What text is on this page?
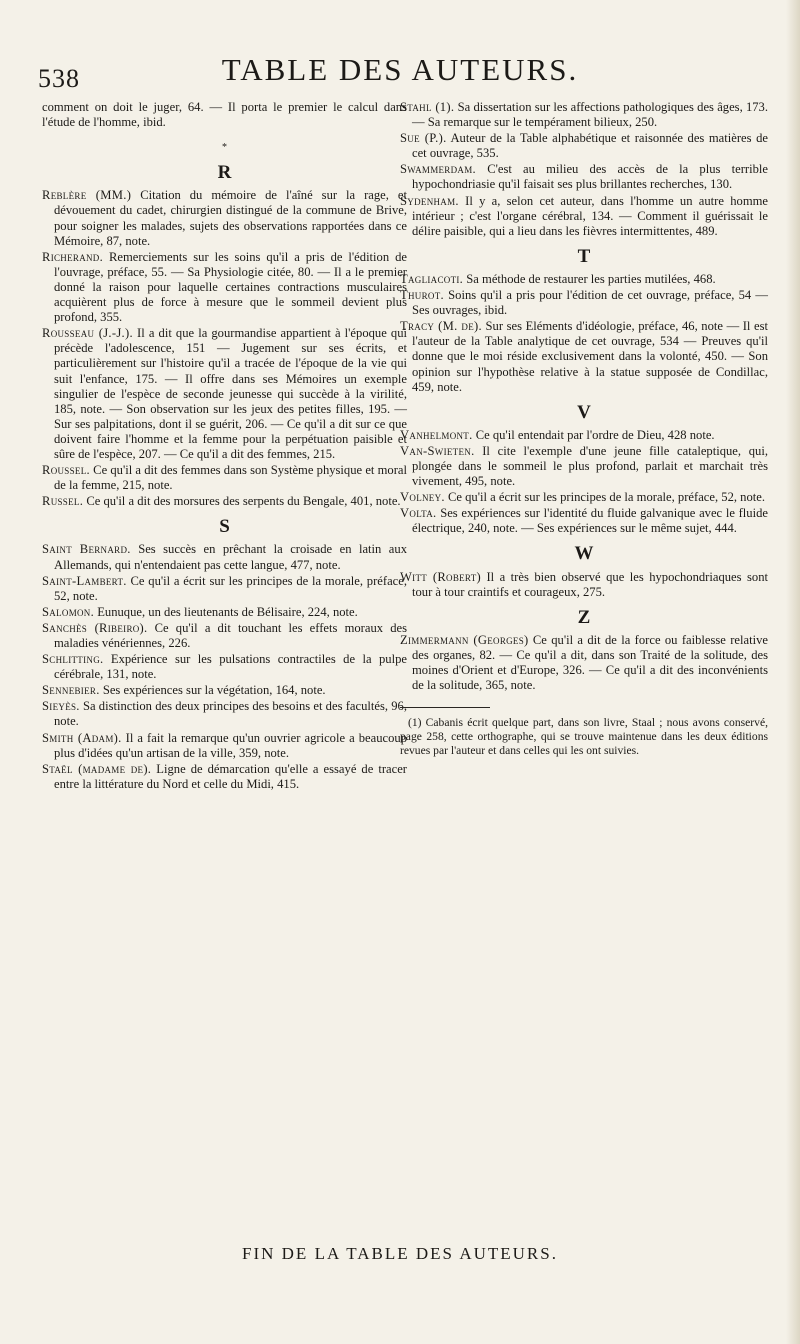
538	TABLE DES AUTEURS.

comment on doit le juger, 64. — Il porta le premier le calcul dans l'étude de l'homme, ibid.

*
R

Reblère (MM.) Citation du mémoire de l'aîné sur la rage, et dévouement du cadet, chirurgien distingué de la commune de Brive, pour soigner les malades, sujets des observations rapportées dans ce Mémoire, 87, note.

Richerand. Remerciements sur les soins qu'il a pris de l'édition de l'ouvrage, préface, 55. — Sa Physiologie citée, 80. — Il a le premier donné la raison pour laquelle certaines contractions musculaires acquièrent plus de force à mesure que le sommeil devient plus profond, 355.

Rousseau (J.-J.). Il a dit que la gourmandise appartient à l'époque qui précède l'adolescence, 151 — Jugement sur ses écrits, et particulièrement sur l'histoire qu'il a tracée de l'époque de la vie qui suit l'enfance, 175. — Il offre dans ses Mémoires un exemple singulier de l'espèce de seconde jeunesse qui succède à la virilité, 185, note. — Son observation sur les jeux des petites filles, 195. — Sur ses palpitations, dont il se guérit, 206. — Ce qu'il a dit sur ce que doivent faire l'homme et la femme pour la perpétuation paisible et sûre de l'espèce, 207. — Ce qu'il a dit des femmes, 215.

Roussel. Ce qu'il a dit des femmes dans son Système physique et moral de la femme, 215, note.

Russel. Ce qu'il a dit des morsures des serpents du Bengale, 401, note.

S

Saint Bernard. Ses succès en prêchant la croisade en latin aux Allemands, qui n'entendaient pas cette langue, 477, note.

Saint-Lambert. Ce qu'il a écrit sur les principes de la morale, préface, 52, note.

Salomon. Eunuque, un des lieutenants de Bélisaire, 224, note.

Sanchès (Ribeiro). Ce qu'il a dit touchant les effets moraux des maladies vénériennes, 226.

Schlitting. Expérience sur les pulsations contractiles de la pulpe cérébrale, 131, note.

Sennebier. Ses expériences sur la végétation, 164, note.

Sieyès. Sa distinction des deux principes des besoins et des facultés, 96, note.

Smith (Adam). Il a fait la remarque qu'un ouvrier agricole a beaucoup plus d'idées qu'un artisan de la ville, 359, note.

Staël (madame de). Ligne de démarcation qu'elle a essayé de tracer entre la littérature du Nord et celle du Midi, 415.

Stahl (1). Sa dissertation sur les affections pathologiques des âges, 173. — Sa remarque sur le tempérament bilieux, 250.

Sue (P.). Auteur de la Table alphabétique et raisonnée des matières de cet ouvrage, 535.

Swammerdam. C'est au milieu des accès de la plus terrible hypochondriasie qu'il faisait ses plus brillantes recherches, 130.

Sydenham. Il y a, selon cet auteur, dans l'homme un autre homme intérieur ; c'est l'organe cérébral, 134. — Comment il guérissait le délire paisible, qui a lieu dans les fièvres intermittentes, 489.

T

Tagliacoti. Sa méthode de restaurer les parties mutilées, 468.

Thurot. Soins qu'il a pris pour l'édition de cet ouvrage, préface, 54 — Ses ouvrages, ibid.

Tracy (M. de). Sur ses Eléments d'idéologie, préface, 46, note — Il est l'auteur de la Table analytique de cet ouvrage, 534 — Preuves qu'il donne que le moi réside exclusivement dans la volonté, 450. — Son opinion sur l'hypothèse relative à la statue supposée de Condillac, 459, note.

V

Vanhelmont. Ce qu'il entendait par l'ordre de Dieu, 428 note.

Van-Swieten. Il cite l'exemple d'une jeune fille cataleptique, qui, plongée dans le sommeil le plus profond, parlait et marchait très vivement, 495, note.

Volney. Ce qu'il a écrit sur les principes de la morale, préface, 52, note.

Volta. Ses expériences sur l'identité du fluide galvanique avec le fluide électrique, 240, note. — Ses expériences sur le même sujet, 444.

W

Witt (Robert) Il a très bien observé que les hypochondriaques sont tour à tour craintifs et courageux, 275.

Z

Zimmermann (Georges) Ce qu'il a dit de la force ou faiblesse relative des organes, 82. — Ce qu'il a dit, dans son Traité de la solitude, des moines d'Orient et d'Europe, 326. — Ce qu'il a dit des inconvénients de la solitude, 365, note.

(1) Cabanis écrit quelque part, dans son livre, Staal ; nous avons conservé, page 258, cette orthographe, qui se trouve maintenue dans les deux éditions revues par l'auteur et dans celles qui les ont suivies.

FIN DE LA TABLE DES AUTEURS.
